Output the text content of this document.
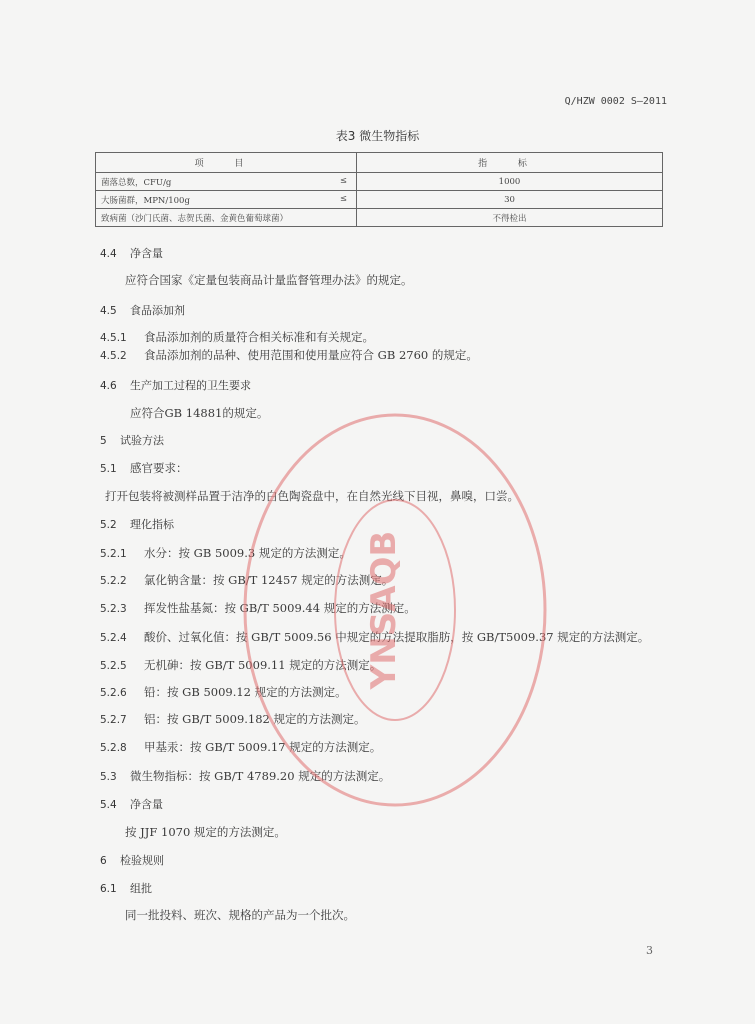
Q/HZW 0002 S—2011
表3 微生物指标
项 目	指 标
菌落总数，CFU/g ≤	1000
大肠菌群，MPN/100g ≤	30
致病菌（沙门氏菌、志贺氏菌、金黄色葡萄球菌）	不得检出
4.4 净含量
应符合国家《定量包装商品计量监督管理办法》的规定。
4.5 食品添加剂
4.5.1 食品添加剂的质量符合相关标准和有关规定。
4.5.2 食品添加剂的品种、使用范围和使用量应符合 GB 2760 的规定。
4.6 生产加工过程的卫生要求
应符合GB 14881的规定。
5 试验方法
5.1 感官要求：
打开包装将被测样品置于洁净的白色陶瓷盘中，在自然光线下目视，鼻嗅，口尝。
5.2 理化指标
5.2.1 水分：按 GB 5009.3 规定的方法测定。
5.2.2 氯化钠含量：按 GB/T 12457 规定的方法测定。
5.2.3 挥发性盐基氮：按 GB/T 5009.44 规定的方法测定。
5.2.4 酸价、过氧化值：按 GB/T 5009.56 中规定的方法提取脂肪，按 GB/T5009.37 规定的方法测定。
5.2.5 无机砷：按 GB/T 5009.11 规定的方法测定。
5.2.6 铅：按 GB 5009.12 规定的方法测定。
5.2.7 铝：按 GB/T 5009.182 规定的方法测定。
5.2.8 甲基汞：按 GB/T 5009.17 规定的方法测定。
5.3 微生物指标：按 GB/T 4789.20 规定的方法测定。
5.4 净含量
按 JJF 1070 规定的方法测定。
6 检验规则
6.1 组批
同一批投料、班次、规格的产品为一个批次。
YNSAQB
3
